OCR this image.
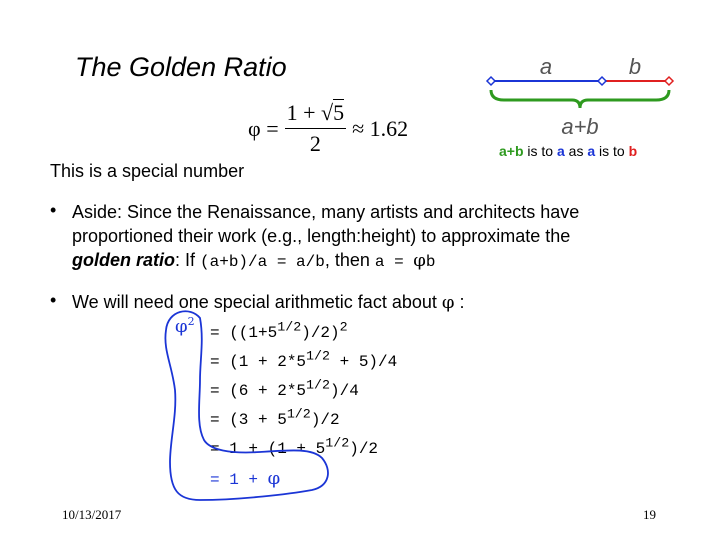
The Golden Ratio
$\varphi = \frac{1 + √5}{2} \approx 1.62$
a	b
a+b
a+b is to a as a is to b
This is a special number
• Aside: Since the Renaissance, many artists and architects have
proportioned their work (e.g., length:height) to approximate the
golden ratio: If (a+b)/a = a/b, then a = φb
• We will need one special arithmetic fact about φ :
$\varphi^2$
= $((1+5^{1/2})/2)^2$
= $(1 + 2*5^{1/2} + 5)/4$
= $(6 + 2*5^{1/2})/4$
= $(3 + 5^{1/2})/2$
= $1 + (1 + 5^{1/2})/2$
= 1 + φ
10/13/2017	19
